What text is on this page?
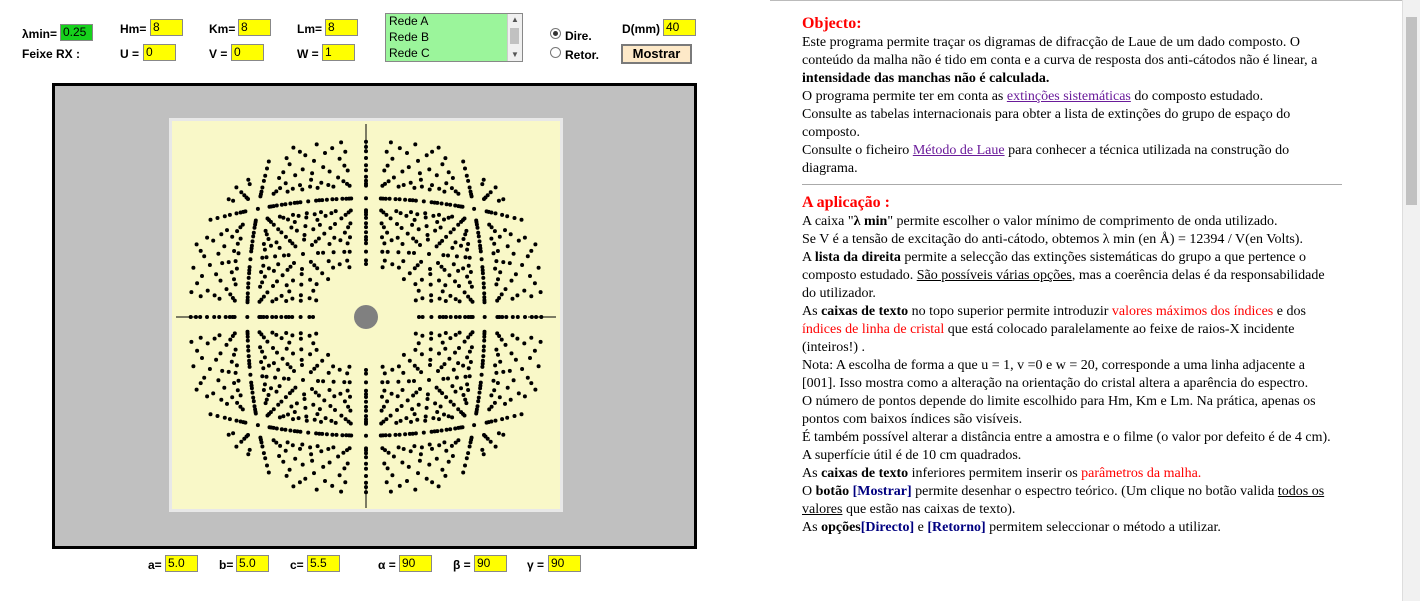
λmin= 0.25
Feixe RX :
Hm= 8
U = 0
Km= 8
V = 0
Lm= 8
W = 1
Rede A
Rede B
Rede C
▲
▼
Dire.
Retor.
D(mm) 40
Mostrar
a= 5.0	b= 5.0	c= 5.5	α = 90	β = 90	γ = 90
Objecto:

Este programa permite traçar os digramas de difracção de Laue de um dado composto. O conteúdo da malha não é tido em conta e a curva de resposta dos anti-cátodos não é linear, a intensidade das manchas não é calculada.

O programa permite ter em conta as extinções sistemáticas do composto estudado.

Consulte as tabelas internacionais para obter a lista de extinções do grupo de espaço do composto.

Consulte o ficheiro Método de Laue para conhecer a técnica utilizada na construção do diagrama.

A aplicação :

A caixa "λ min" permite escolher o valor mínimo de comprimento de onda utilizado.

Se V é a tensão de excitação do anti-cátodo, obtemos λ min (en Å) = 12394 / V(en Volts).

A lista da direita permite a selecção das extinções sistemáticas do grupo a que pertence o composto estudado. São possíveis várias opções, mas a coerência delas é da responsabilidade do utilizador.

As caixas de texto no topo superior permite introduzir valores máximos dos índices e dos índices de linha de cristal que está colocado paralelamente ao feixe de raios-X incidente (inteiros!) .

Nota: A escolha de forma a que u = 1, v =0 e w = 20, corresponde a uma linha adjacente a [001]. Isso mostra como a alteração na orientação do cristal altera a aparência do espectro.

O número de pontos depende do limite escolhido para Hm, Km e Lm. Na prática, apenas os pontos com baixos índices são visíveis.

É também possível alterar a distância entre a amostra e o filme (o valor por defeito é de 4 cm). A superfície útil é de 10 cm quadrados.

As caixas de texto inferiores permitem inserir os parâmetros da malha.

O botão [Mostrar] permite desenhar o espectro teórico. (Um clique no botão valida todos os valores que estão nas caixas de texto).

As opções[Directo] e [Retorno] permitem seleccionar o método a utilizar.
